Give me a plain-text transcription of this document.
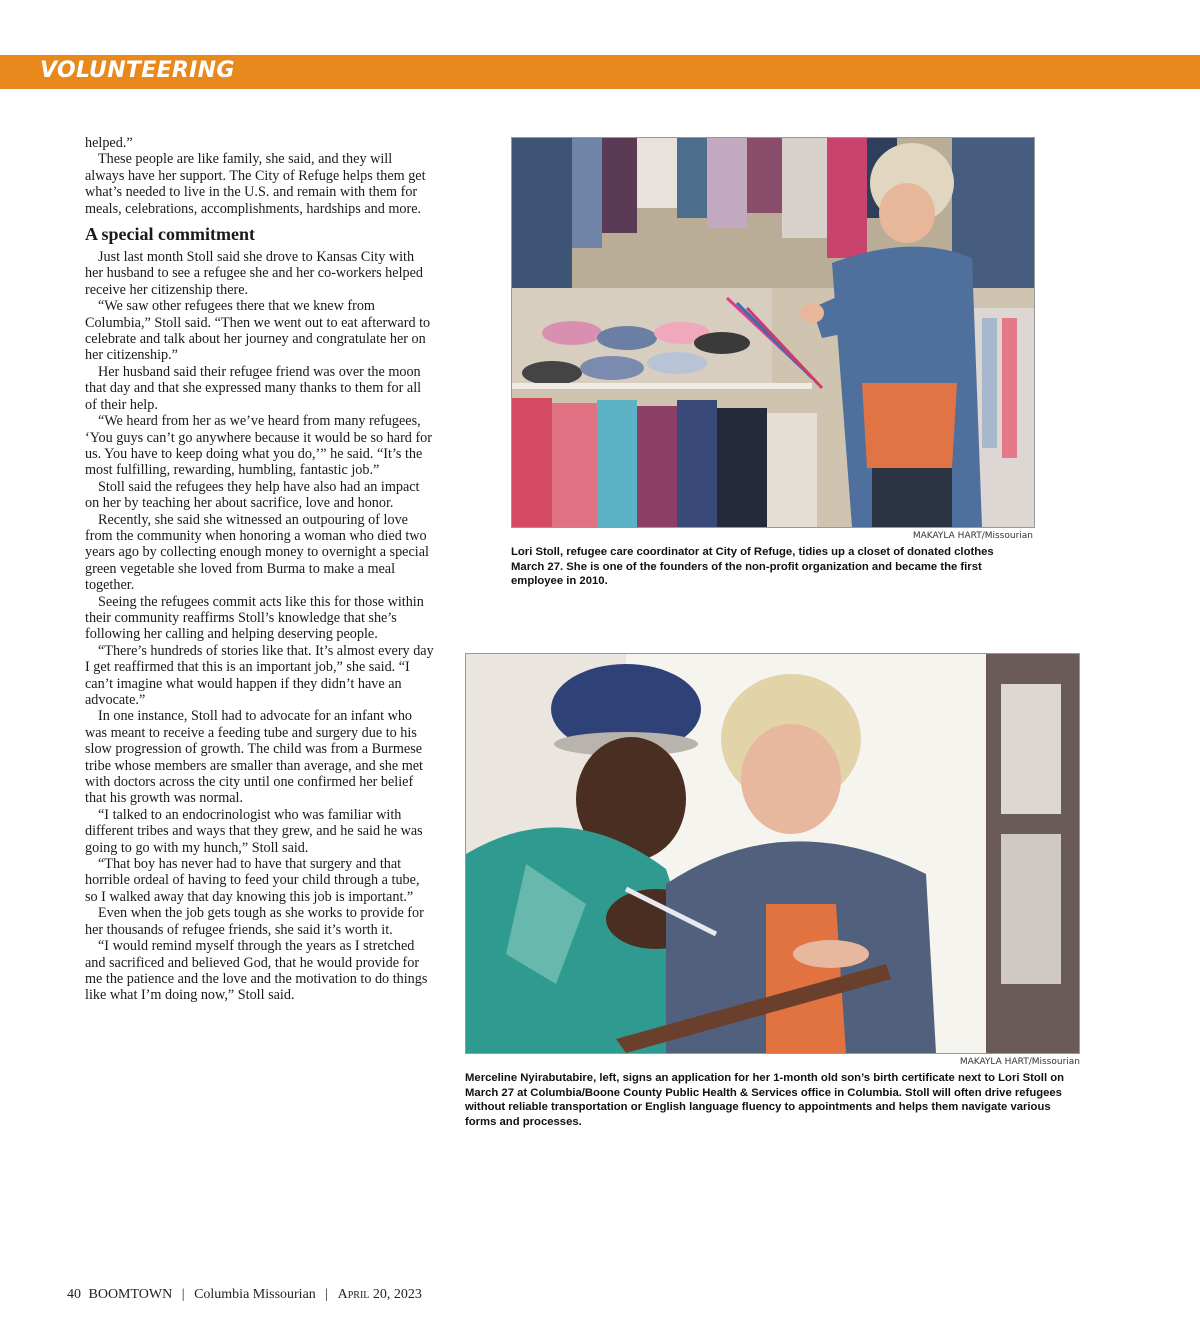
VOLUNTEERING

helped.”

These people are like family, she said, and they will always have her support. The City of Refuge helps them get what’s needed to live in the U.S. and remain with them for meals, celebrations, accomplishments, hardships and more.

A special commitment

Just last month Stoll said she drove to Kansas City with her husband to see a refugee she and her co-workers helped receive her citizenship there.

“We saw other refugees there that we knew from Columbia,” Stoll said. “Then we went out to eat afterward to celebrate and talk about her journey and congratulate her on her citizenship.”

Her husband said their refugee friend was over the moon that day and that she expressed many thanks to them for all of their help.

“We heard from her as we’ve heard from many refugees, ‘You guys can’t go anywhere because it would be so hard for us. You have to keep doing what you do,’” he said. “It’s the most fulfilling, rewarding, humbling, fantastic job.”

Stoll said the refugees they help have also had an impact on her by teaching her about sacrifice, love and honor.

Recently, she said she witnessed an outpouring of love from the community when honoring a woman who died two years ago by collecting enough money to overnight a special green vegetable she loved from Burma to make a meal together.

Seeing the refugees commit acts like this for those within their community reaffirms Stoll’s knowledge that she’s following her calling and helping deserving people.

“There’s hundreds of stories like that. It’s almost every day I get reaffirmed that this is an important job,” she said. “I can’t imagine what would happen if they didn’t have an advocate.”

In one instance, Stoll had to advocate for an infant who was meant to receive a feeding tube and surgery due to his slow progression of growth. The child was from a Burmese tribe whose members are smaller than average, and she met with doctors across the city until one confirmed her belief that his growth was normal.

“I talked to an endocrinologist who was familiar with different tribes and ways that they grew, and he said he was going to go with my hunch,” Stoll said.

“That boy has never had to have that surgery and that horrible ordeal of having to feed your child through a tube, so I walked away that day knowing this job is important.”

Even when the job gets tough as she works to provide for her thousands of refugee friends, she said it’s worth it.

“I would remind myself through the years as I stretched and sacrificed and believed God, that he would provide for me the patience and the love and the motivation to do things like what I’m doing now,” Stoll said.

MAKAYLA HART/Missourian
Lori Stoll, refugee care coordinator at City of Refuge, tidies up a closet of donated clothes March 27. She is one of the founders of the non-profit organization and became the first employee in 2010.
MAKAYLA HART/Missourian
Merceline Nyirabutabire, left, signs an application for her 1-month old son’s birth certificate next to Lori Stoll on March 27 at Columbia/Boone County Public Health & Services office in Columbia. Stoll will often drive refugees without reliable transportation or English language fluency to appointments and helps them navigate various forms and processes.
40 BOOMTOWN | Columbia Missourian | April 20, 2023
